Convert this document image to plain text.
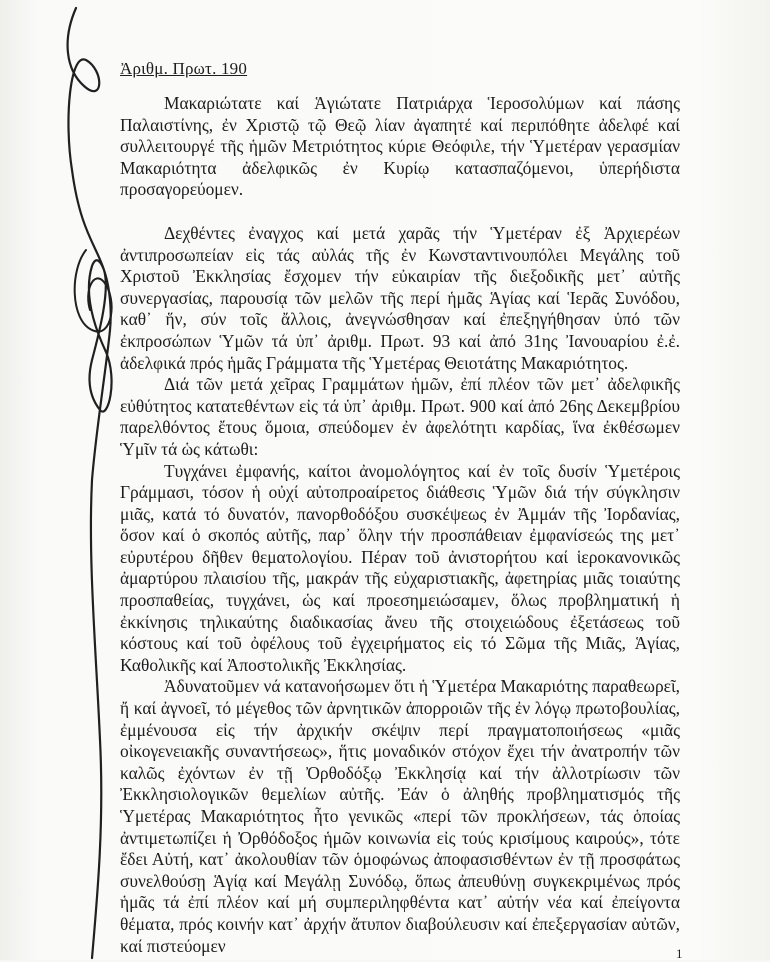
Ἀριθμ. Πρωτ. 190

Μακαριώτατε καί Ἁγιώτατε Πατριάρχα Ἱεροσολύμων καί πάσης Παλαιστίνης, ἐν Χριστῷ τῷ Θεῷ λίαν ἀγαπητέ καί περιπόθητε ἀδελφέ καί συλλειτουργέ τῆς ἡμῶν Μετριότητος κύριε Θεόφιλε, τήν Ὑμετέραν γερασμίαν Μακαριότητα ἀδελφικῶς ἐν Κυρίῳ κατασπαζόμενοι, ὑπερήδιστα προσαγορεύομεν.

Δεχθέντες ἐναγχος καί μετά χαρᾶς τήν Ὑμετέραν ἐξ Ἀρχιερέων ἀντιπροσωπείαν εἰς τάς αὐλάς τῆς ἐν Κωνσταντινουπόλει Μεγάλης τοῦ Χριστοῦ Ἐκκλησίας ἔσχομεν τήν εὐκαιρίαν τῆς διεξοδικῆς μετ᾽ αὐτῆς συνεργασίας, παρουσίᾳ τῶν μελῶν τῆς περί ἡμᾶς Ἁγίας καί Ἱερᾶς Συνόδου, καθ᾽ ἥν, σύν τοῖς ἄλλοις, ἀνεγνώσθησαν καί ἐπεξηγήθησαν ὑπό τῶν ἐκπροσώπων Ὑμῶν τά ὑπ᾽ ἀριθμ. Πρωτ. 93 καί ἀπό 31ης Ἰανουαρίου ἐ.ἐ. ἀδελφικά πρός ἡμᾶς Γράμματα τῆς Ὑμετέρας Θειοτάτης Μακαριότητος.

Διά τῶν μετά χεῖρας Γραμμάτων ἡμῶν, ἐπί πλέον τῶν μετ᾽ ἀδελφικῆς εὐθύτητος κατατεθέντων εἰς τά ὑπ᾽ ἀριθμ. Πρωτ. 900 καί ἀπό 26ης Δεκεμβρίου παρελθόντος ἔτους ὅμοια, σπεύδομεν ἐν ἀφελότητι καρδίας, ἵνα ἐκθέσωμεν Ὑμῖν τά ὡς κάτωθι:

Τυγχάνει ἐμφανής, καίτοι ἀνομολόγητος καί ἐν τοῖς δυσίν Ὑμετέροις Γράμμασι, τόσον ἡ οὐχί αὐτοπροαίρετος διάθεσις Ὑμῶν διά τήν σύγκλησιν μιᾶς, κατά τό δυνατόν, πανορθοδόξου συσκέψεως ἐν Ἀμμάν τῆς Ἰορδανίας, ὅσον καί ὁ σκοπός αὐτῆς, παρ᾽ ὅλην τήν προσπάθειαν ἐμφανίσεώς της μετ᾽ εὐρυτέρου δῆθεν θεματολογίου. Πέραν τοῦ ἀνιστορήτου καί ἱεροκανονικῶς ἀμαρτύρου πλαισίου τῆς, μακράν τῆς εὐχαριστιακῆς, ἀφετηρίας μιᾶς τοιαύτης προσπαθείας, τυγχάνει, ὡς καί προεσημειώσαμεν, ὅλως προβληματική ἡ ἐκκίνησις τηλικαύτης διαδικασίας ἄνευ τῆς στοιχειώδους ἐξετάσεως τοῦ κόστους καί τοῦ ὀφέλους τοῦ ἐγχειρήματος εἰς τό Σῶμα τῆς Μιᾶς, Ἁγίας, Καθολικῆς καί Ἀποστολικῆς Ἐκκλησίας.

Ἀδυνατοῦμεν νά κατανοήσωμεν ὅτι ἡ Ὑμετέρα Μακαριότης παραθεωρεῖ, ἤ καί ἀγνοεῖ, τό μέγεθος τῶν ἀρνητικῶν ἀπορροιῶν τῆς ἐν λόγῳ πρωτοβουλίας, ἐμμένουσα εἰς τήν ἀρχικήν σκέψιν περί πραγματοποιήσεως «μιᾶς οἰκογενειακῆς συναντήσεως», ἥτις μοναδικόν στόχον ἔχει τήν ἀνατροπήν τῶν καλῶς ἐχόντων ἐν τῇ Ὀρθοδόξῳ Ἐκκλησίᾳ καί τήν ἀλλοτρίωσιν τῶν Ἐκκλησιολογικῶν θεμελίων αὐτῆς. Ἐάν ὁ ἀληθής προβληματισμός τῆς Ὑμετέρας Μακαριότητος ἦτο γενικῶς «περί τῶν προκλήσεων, τάς ὁποίας ἀντιμετωπίζει ἡ Ὀρθόδοξος ἡμῶν κοινωνία εἰς τούς κρισίμους καιρούς», τότε ἔδει Αὐτή, κατ᾽ ἀκολουθίαν τῶν ὁμοφώνως ἀποφασισθέντων ἐν τῇ προσφάτως συνελθούσῃ Ἁγίᾳ καί Μεγάλῃ Συνόδῳ, ὅπως ἀπευθύνῃ συγκεκριμένως πρός ἡμᾶς τά ἐπί πλέον καί μή συμπεριληφθέντα κατ᾽ αὐτήν νέα καί ἐπείγοντα θέματα, πρός κοινήν κατ᾽ ἀρχήν ἄτυπον διαβούλευσιν καί ἐπεξεργασίαν αὐτῶν, καί πιστεύομεν	1
